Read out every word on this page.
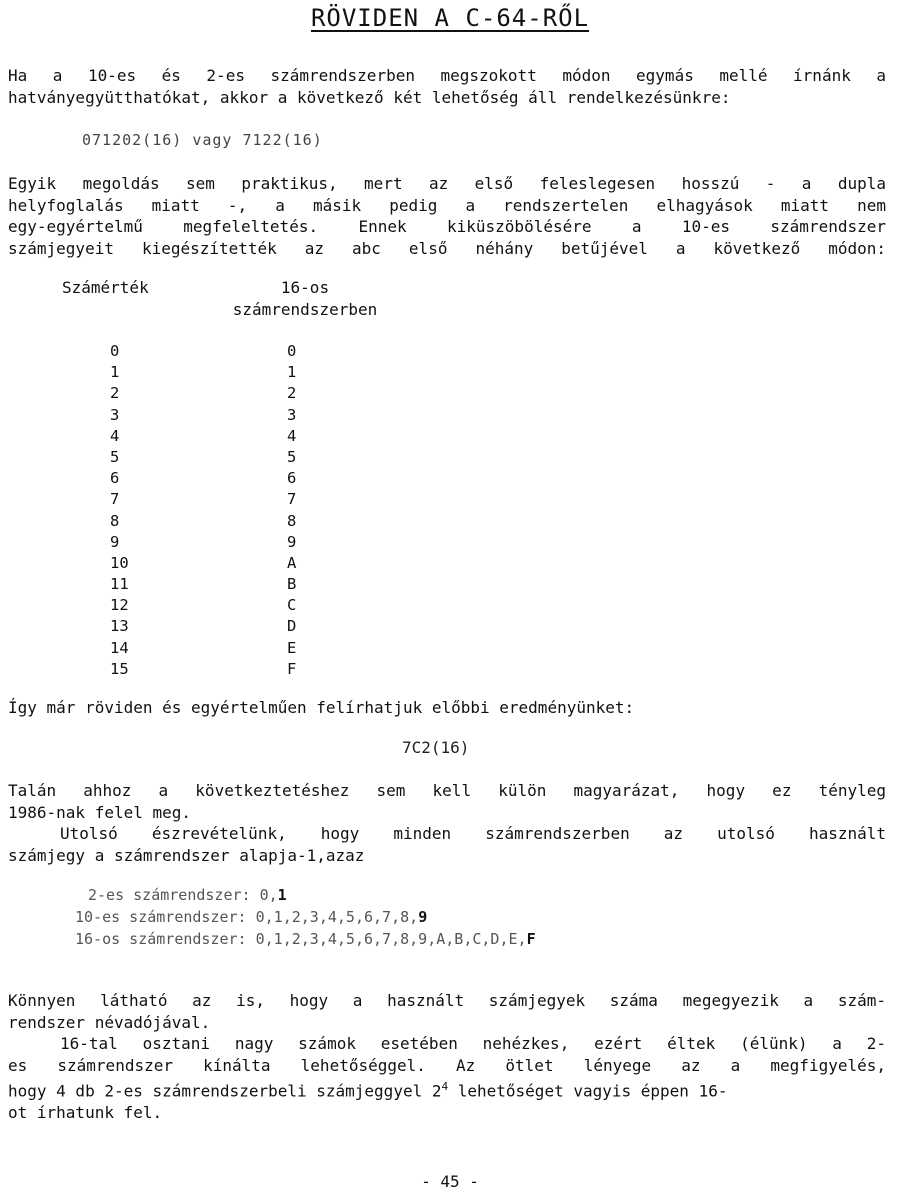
RÖVIDEN A C-64-RŐL
Ha a 10-es és 2-es számrendszerben megszokott módon egymás mellé írnánk a
hatványegyütthatókat, akkor a következő két lehetőség áll rendelkezésünkre:
071202(16) vagy 7122(16)
Egyik megoldás sem praktikus, mert az első feleslegesen hosszú - a dupla
helyfoglalás miatt -, a másik pedig a rendszertelen elhagyások miatt nem
egy-egyértelmű megfeleltetés. Ennek kiküszöbölésére a 10-es számrendszer
számjegyeit kiegészítették az abc első néhány betűjével a következő módon:
Számérték	16-os
számrendszerben
0
1
2
3
4
5
6
7
8
9
10
11
12
13
14
15
0
1
2
3
4
5
6
7
8
9
A
B
C
D
E
F
Így már röviden és egyértelműen felírhatjuk előbbi eredményünket:
7C2(16)
Talán ahhoz a következtetéshez sem kell külön magyarázat, hogy ez tényleg
1986-nak felel meg.
Utolsó észrevételünk, hogy minden számrendszerben az utolsó használt
számjegy a számrendszer alapja-1,azaz
2-es számrendszer: 0,1
10-es számrendszer: 0,1,2,3,4,5,6,7,8,9
16-os számrendszer: 0,1,2,3,4,5,6,7,8,9,A,B,C,D,E,F
Könnyen látható az is, hogy a használt számjegyek száma megegyezik a szám-
rendszer névadójával.
16-tal osztani nagy számok esetében nehézkes, ezért éltek (élünk) a 2-
es számrendszer kínálta lehetőséggel. Az ötlet lényege az a megfigyelés,
hogy 4 db 2-es számrendszerbeli számjeggyel $2^4$ lehetőséget vagyis éppen 16-
ot írhatunk fel.
- 45 -
